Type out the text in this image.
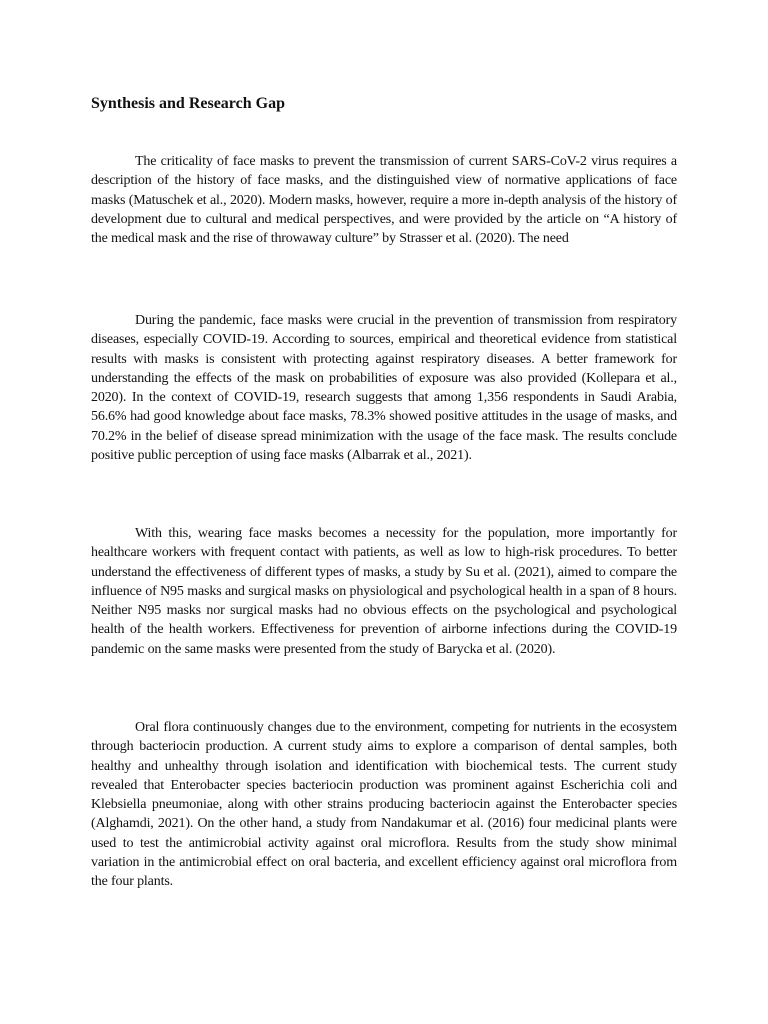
Synthesis and Research Gap

The criticality of face masks to prevent the transmission of current SARS-CoV-2 virus requires a description of the history of face masks, and the distinguished view of normative applications of face masks (Matuschek et al., 2020). Modern masks, however, require a more in-depth analysis of the history of development due to cultural and medical perspectives, and were provided by the article on “A history of the medical mask and the rise of throwaway culture” by Strasser et al. (2020). The need

During the pandemic, face masks were crucial in the prevention of transmission from respiratory diseases, especially COVID-19. According to sources, empirical and theoretical evidence from statistical results with masks is consistent with protecting against respiratory diseases. A better framework for understanding the effects of the mask on probabilities of exposure was also provided (Kollepara et al., 2020). In the context of COVID-19, research suggests that among 1,356 respondents in Saudi Arabia, 56.6% had good knowledge about face masks, 78.3% showed positive attitudes in the usage of masks, and 70.2% in the belief of disease spread minimization with the usage of the face mask. The results conclude positive public perception of using face masks (Albarrak et al., 2021).

With this, wearing face masks becomes a necessity for the population, more importantly for healthcare workers with frequent contact with patients, as well as low to high-risk procedures. To better understand the effectiveness of different types of masks, a study by Su et al. (2021), aimed to compare the influence of N95 masks and surgical masks on physiological and psychological health in a span of 8 hours. Neither N95 masks nor surgical masks had no obvious effects on the psychological and psychological health of the health workers. Effectiveness for prevention of airborne infections during the COVID-19 pandemic on the same masks were presented from the study of Barycka et al. (2020).

Oral flora continuously changes due to the environment, competing for nutrients in the ecosystem through bacteriocin production. A current study aims to explore a comparison of dental samples, both healthy and unhealthy through isolation and identification with biochemical tests. The current study revealed that Enterobacter species bacteriocin production was prominent against Escherichia coli and Klebsiella pneumoniae, along with other strains producing bacteriocin against the Enterobacter species (Alghamdi, 2021). On the other hand, a study from Nandakumar et al. (2016) four medicinal plants were used to test the antimicrobial activity against oral microflora. Results from the study show minimal variation in the antimicrobial effect on oral bacteria, and excellent efficiency against oral microflora from the four plants.
